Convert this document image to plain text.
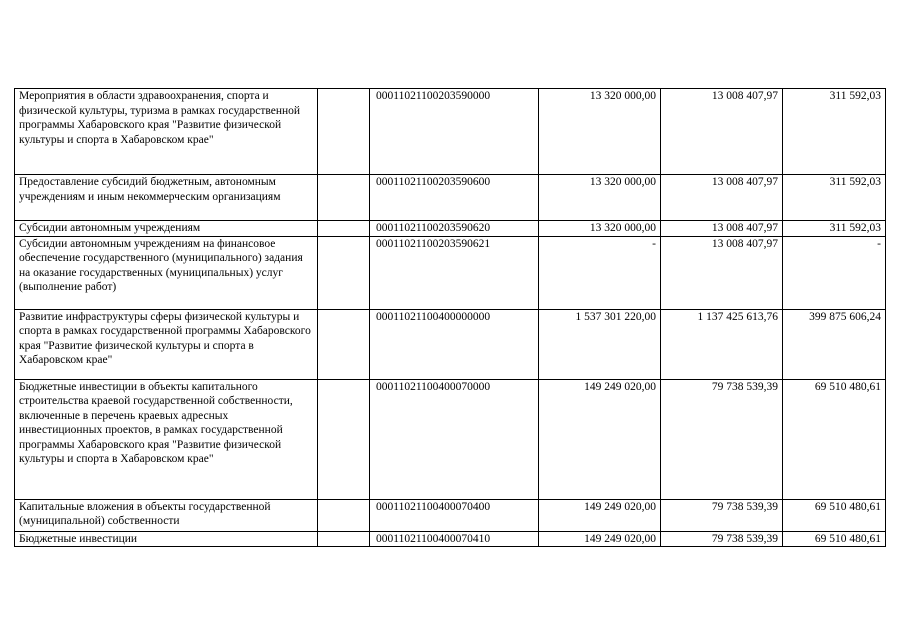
Мероприятия в области здравоохранения, спорта и физической культуры, туризма в рамках государственной программы Хабаровского края "Развитие физической культуры и спорта в Хабаровском крае"		00011021100203590000	13 320 000,00	13 008 407,97	311 592,03
Предоставление субсидий бюджетным, автономным учреждениям и иным некоммерческим организациям		00011021100203590600	13 320 000,00	13 008 407,97	311 592,03
Субсидии автономным учреждениям		00011021100203590620	13 320 000,00	13 008 407,97	311 592,03
Субсидии автономным учреждениям на финансовое обеспечение государственного (муниципального) задания на оказание государственных (муниципальных) услуг (выполнение работ)		00011021100203590621	-	13 008 407,97	-
Развитие инфраструктуры сферы физической культуры и спорта в рамках государственной программы Хабаровского края "Развитие физической культуры и спорта в Хабаровском крае"		00011021100400000000	1 537 301 220,00	1 137 425 613,76	399 875 606,24
Бюджетные инвестиции в объекты капитального строительства краевой государственной собственности, включенные в перечень краевых адресных инвестиционных проектов, в рамках государственной программы Хабаровского края "Развитие физической культуры и спорта в Хабаровском крае"		00011021100400070000	149 249 020,00	79 738 539,39	69 510 480,61
Капитальные вложения в объекты государственной (муниципальной) собственности		00011021100400070400	149 249 020,00	79 738 539,39	69 510 480,61
Бюджетные инвестиции		00011021100400070410	149 249 020,00	79 738 539,39	69 510 480,61
